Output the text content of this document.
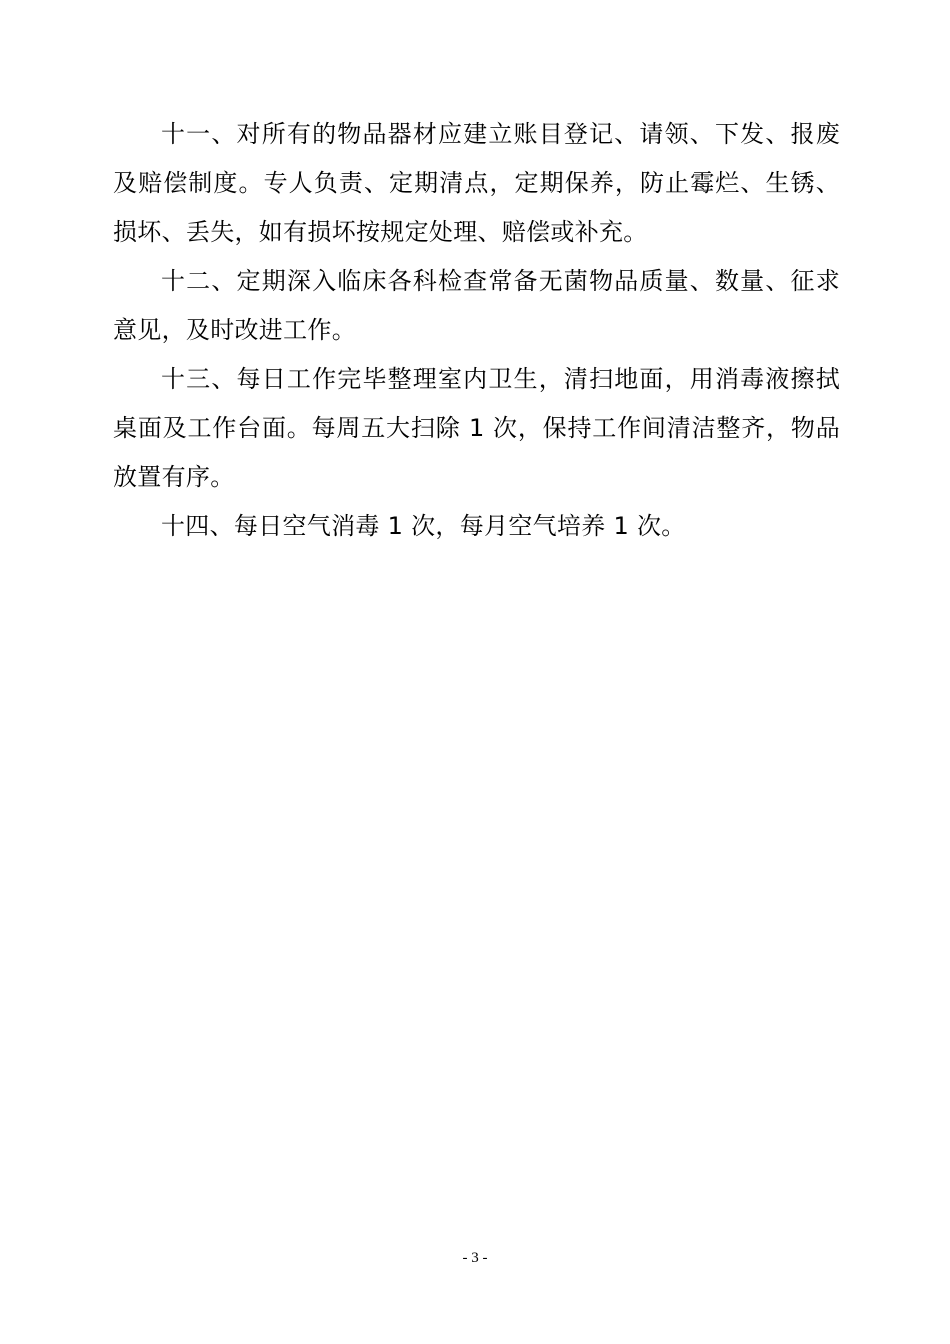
十一、对所有的物品器材应建立账目登记、请领、下发、报废及赔偿制度。专人负责、定期清点，定期保养，防止霉烂、生锈、损坏、丢失，如有损坏按规定处理、赔偿或补充。

十二、定期深入临床各科检查常备无菌物品质量、数量、征求意见，及时改进工作。

十三、每日工作完毕整理室内卫生，清扫地面，用消毒液擦拭桌面及工作台面。每周五大扫除 1 次，保持工作间清洁整齐，物品放置有序。

十四、每日空气消毒 1 次，每月空气培养 1 次。

- 3 -
